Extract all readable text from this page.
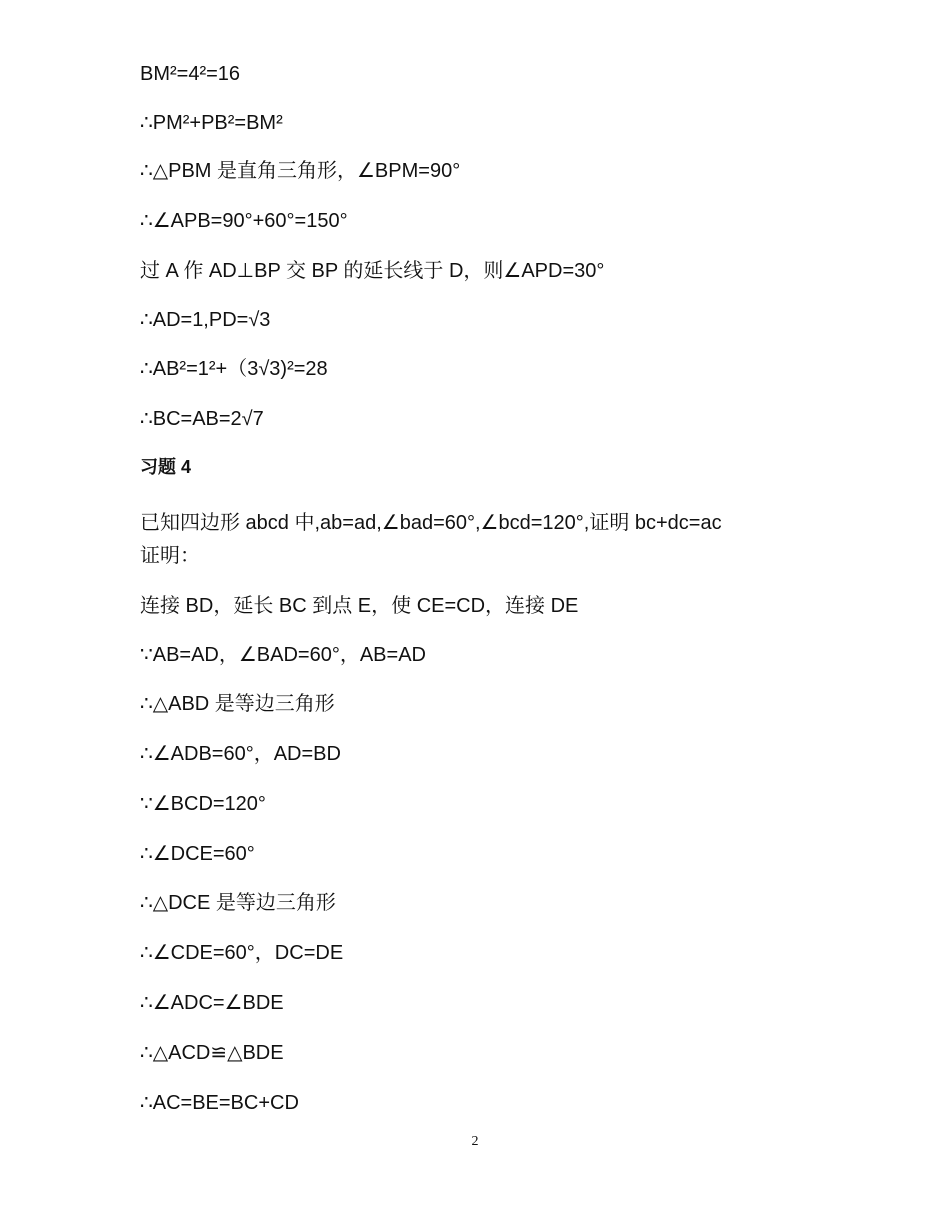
BM²=4²=16
∴PM²+PB²=BM²
∴△PBM 是直角三角形，∠BPM=90°
∴∠APB=90°+60°=150°
过 A 作 AD⊥BP 交 BP 的延长线于 D，则∠APD=30°
∴AD=1,PD=√3
∴AB²=1²+（3√3)²=28
∴BC=AB=2√7
习题 4
已知四边形 abcd 中,ab=ad,∠bad=60°,∠bcd=120°,证明 bc+dc=ac
证明：
连接 BD，延长 BC 到点 E，使 CE=CD，连接 DE
∵AB=AD，∠BAD=60°，AB=AD
∴△ABD 是等边三角形
∴∠ADB=60°，AD=BD
∵∠BCD=120°
∴∠DCE=60°
∴△DCE 是等边三角形
∴∠CDE=60°，DC=DE
∴∠ADC=∠BDE
∴△ACD≌△BDE
∴AC=BE=BC+CD
2
